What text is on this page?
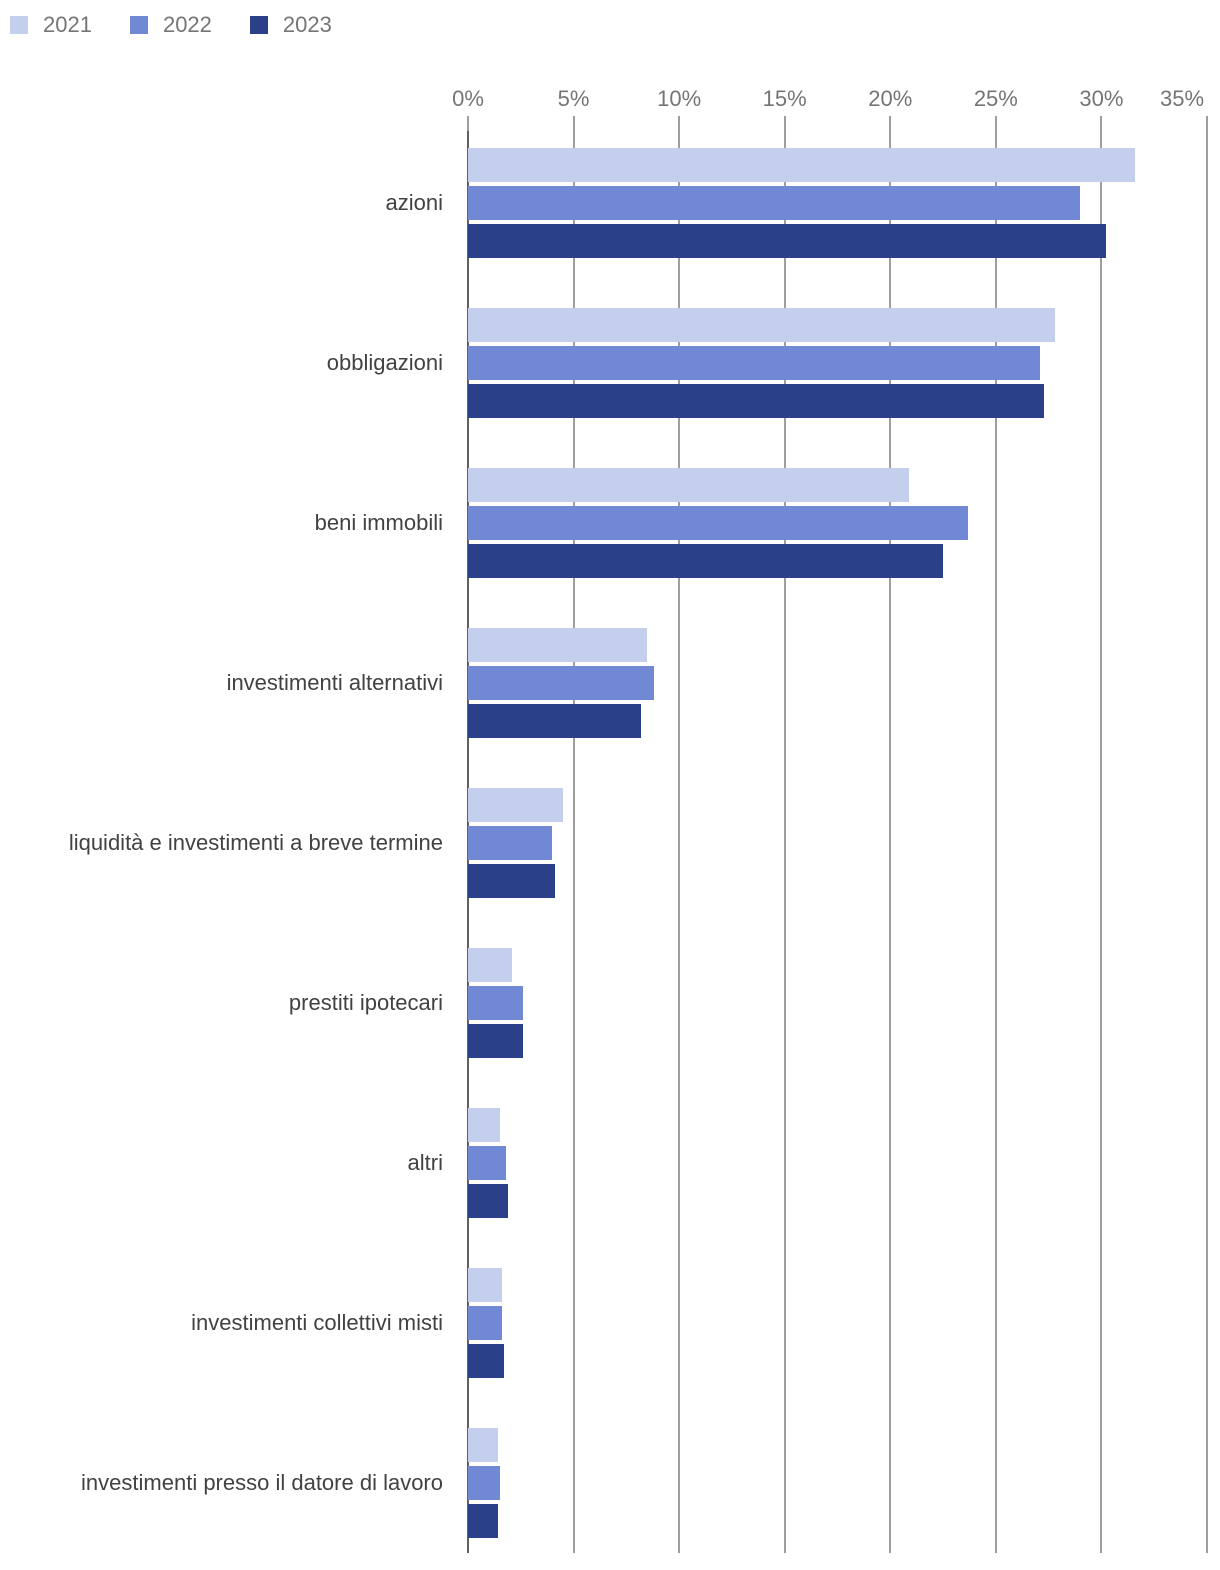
2021	2022	2023
0%	5%	10%	15%	20%	25%	30%	35%
azioni
obbligazioni
beni immobili
investimenti alternativi
liquidità e investimenti a breve termine
prestiti ipotecari
altri
investimenti collettivi misti
investimenti presso il datore di lavoro
